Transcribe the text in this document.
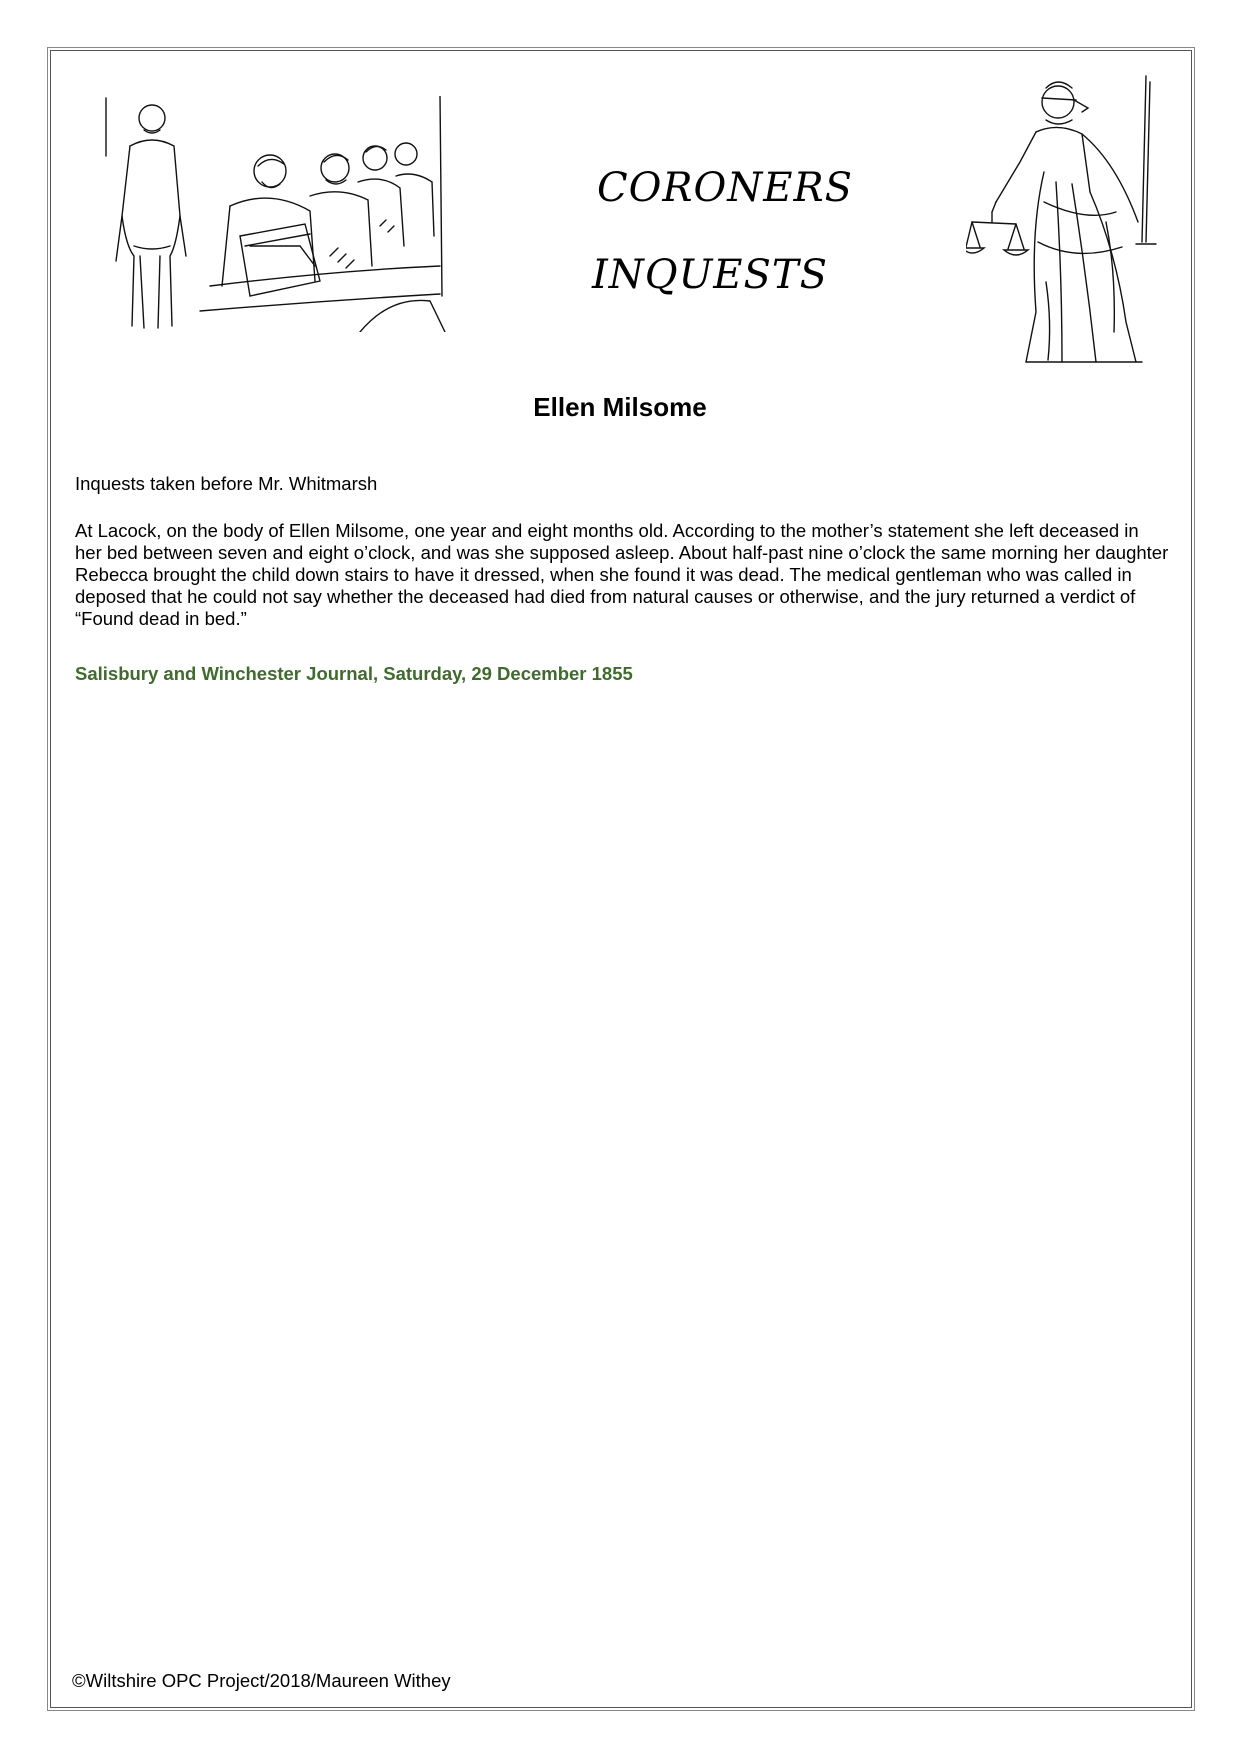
CORONERS
INQUESTS
Ellen Milsome
Inquests taken before Mr. Whitmarsh
At Lacock, on the body of Ellen Milsome, one year and eight months old. According to the mother’s statement she left deceased in her bed between seven and eight o’clock, and was she supposed asleep. About half-past nine o’clock the same morning her daughter Rebecca brought the child down stairs to have it dressed, when she found it was dead. The medical gentleman who was called in deposed that he could not say whether the deceased had died from natural causes or otherwise, and the jury returned a verdict of “Found dead in bed.”
Salisbury and Winchester Journal, Saturday, 29 December 1855
©Wiltshire OPC Project/2018/Maureen Withey
